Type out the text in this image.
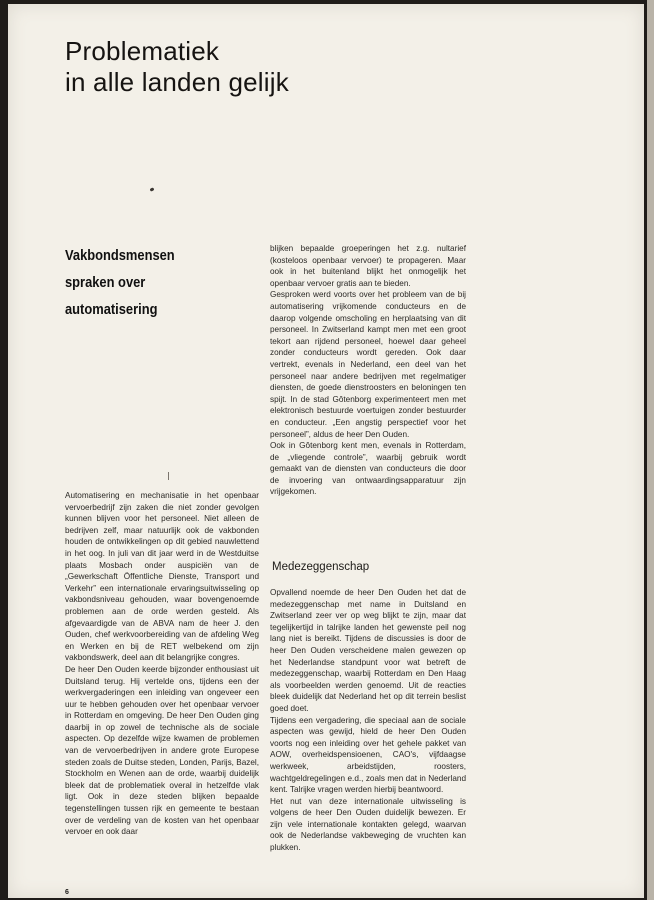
Problematiek
in alle landen gelijk
Vakbondsmensen
spraken over
automatisering

Automatisering en mechanisatie in het openbaar vervoerbedrijf zijn zaken die niet zonder gevolgen kunnen blijven voor het personeel. Niet alleen de bedrijven zelf, maar natuurlijk ook de vakbonden houden de ontwikkelingen op dit gebied nauwlettend in het oog. In juli van dit jaar werd in de Westduitse plaats Mosbach onder auspiciën van de „Gewerkschaft Öffentliche Dienste, Transport und Verkehr” een internationale ervaringsuitwisseling op vakbondsniveau gehouden, waar bovengenoemde problemen aan de orde werden gesteld. Als afgevaardigde van de ABVA nam de heer J. den Ouden, chef werkvoorbereiding van de afdeling Weg en Werken en bij de RET welbekend om zijn vakbondswerk, deel aan dit belangrijke congres.

De heer Den Ouden keerde bijzonder enthousiast uit Duitsland terug. Hij vertelde ons, tijdens een der werkvergaderingen een inleiding van ongeveer een uur te hebben gehouden over het openbaar vervoer in Rotterdam en omgeving. De heer Den Ouden ging daarbij in op zowel de technische als de sociale aspecten. Op dezelfde wijze kwamen de problemen van de vervoerbedrijven in andere grote Europese steden zoals de Duitse steden, Londen, Parijs, Bazel, Stockholm en Wenen aan de orde, waarbij duidelijk bleek dat de problematiek overal in hetzelfde vlak ligt. Ook in deze steden blijken bepaalde tegenstellingen tussen rijk en gemeente te bestaan over de verdeling van de kosten van het openbaar vervoer en ook daar

blijken bepaalde groeperingen het z.g. nultarief (kosteloos openbaar vervoer) te propageren. Maar ook in het buitenland blijkt het onmogelijk het openbaar vervoer gratis aan te bieden.

Gesproken werd voorts over het probleem van de bij automatisering vrijkomende conducteurs en de daarop volgende omscholing en herplaatsing van dit personeel. In Zwitserland kampt men met een groot tekort aan rijdend personeel, hoewel daar geheel zonder conducteurs wordt gereden. Ook daar vertrekt, evenals in Nederland, een deel van het personeel naar andere bedrijven met regelmatiger diensten, de goede dienstroosters en beloningen ten spijt. In de stad Gôtenborg experimenteert men met elektronisch bestuurde voertuigen zonder bestuurder en conducteur. „Een angstig perspectief voor het personeel”, aldus de heer Den Ouden.

Ook in Gôtenborg kent men, evenals in Rotterdam, de „vliegende controle”, waarbij gebruik wordt gemaakt van de diensten van conducteurs die door de invoering van ontwaardingsapparatuur zijn vrijgekomen.

Medezeggenschap

Opvallend noemde de heer Den Ouden het dat de medezeggenschap met name in Duitsland en Zwitserland zeer ver op weg blijkt te zijn, maar dat tegelijkertijd in talrijke landen het gewenste peil nog lang niet is bereikt. Tijdens de discussies is door de heer Den Ouden verscheidene malen gewezen op het Nederlandse standpunt voor wat betreft de medezeggenschap, waarbij Rotterdam en Den Haag als voorbeelden werden genoemd. Uit de reacties bleek duidelijk dat Nederland het op dit terrein beslist goed doet.

Tijdens een vergadering, die speciaal aan de sociale aspecten was gewijd, hield de heer Den Ouden voorts nog een inleiding over het gehele pakket van AOW, overheidspensioenen, CAO's, vijfdaagse werkweek, arbeidstijden, roosters, wachtgeldregelingen e.d., zoals men dat in Nederland kent. Talrijke vragen werden hierbij beantwoord.

Het nut van deze internationale uitwisseling is volgens de heer Den Ouden duidelijk bewezen. Er zijn vele internationale kontakten gelegd, waarvan ook de Nederlandse vakbeweging de vruchten kan plukken.

6
